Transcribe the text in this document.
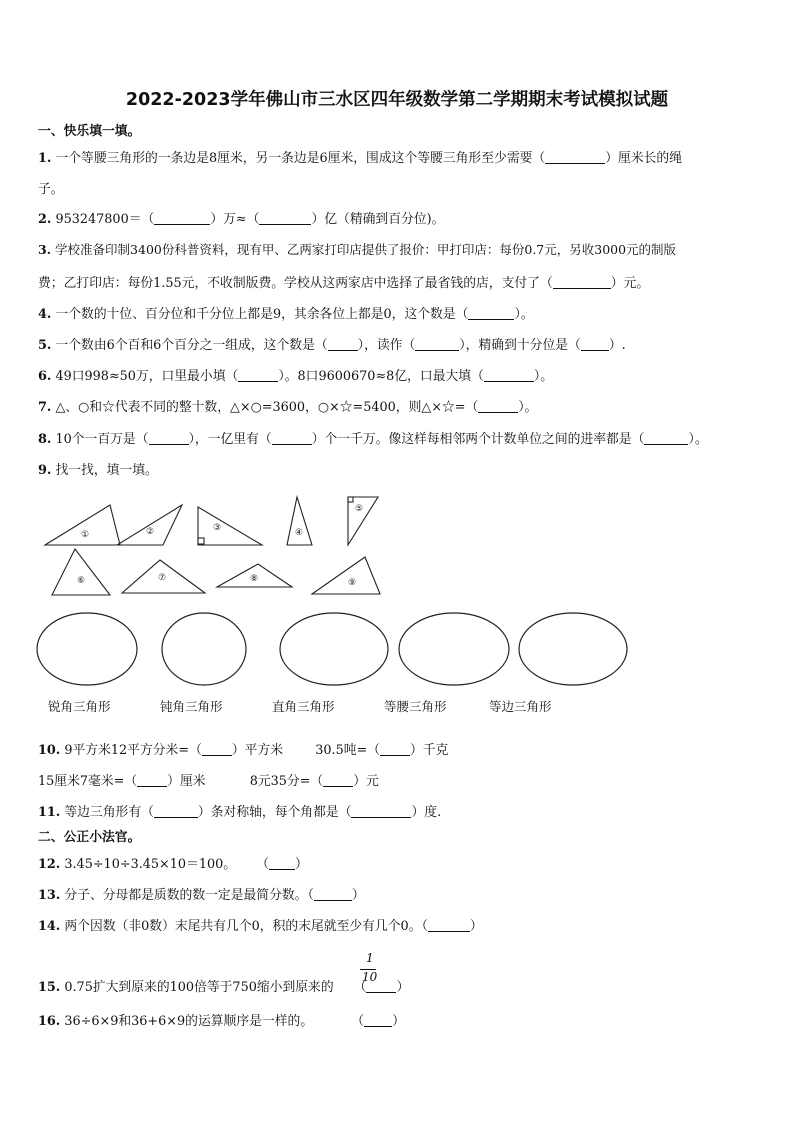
2022-2023学年佛山市三水区四年级数学第二学期期末考试模拟试题
一、快乐填一填。
1. 一个等腰三角形的一条边是8厘米，另一条边是6厘米，围成这个等腰三角形至少需要（	）厘米长的绳
子。
2. 953247800＝（	）万≈（	）亿（精确到百分位)。
3. 学校准备印制3400份科普资料，现有甲、乙两家打印店提供了报价：甲打印店：每份0.7元，另收3000元的制版
费；乙打印店：每份1.55元，不收制版费。学校从这两家店中选择了最省钱的店，支付了（	）元。
4. 一个数的十位、百分位和千分位上都是9，其余各位上都是0，这个数是（	）。
5. 一个数由6个百和6个百分之一组成，这个数是（ ），读作（	），精确到十分位是（ ）.
6. 49口998≈50万，口里最小填（	）。8口9600670≈8亿，口最大填（	）。
7. △、○和☆代表不同的整十数，△×○=3600，○×☆=5400，则△×☆=（	）。
8. 10个一百万是（	），一亿里有（	）个一千万。像这样每相邻两个计数单位之间的进率都是（	）。
9. 找一找，填一填。
①	②	③	④
⑤
⑥	⑦	⑧	⑨
锐角三角形	钝角三角形	直角三角形	等腰三角形	等边三角形
10. 9平方米12平方分米=（ ）平方米	30.5吨=（ ）千克
15厘米7毫米=（ ）厘米	8元35分=（ ）元
11. 等边三角形有（	）条对称轴，每个角都是（	）度.
二、公正小法官。
12. 3.45÷10÷3.45×10＝100。 （ ）
13. 分子、分母都是质数的数一定是最简分数。（	）
14. 两个因数（非0数）末尾共有几个0，积的末尾就至少有几个0。（	）
15. 0.75扩大到原来的100倍等于750缩小到原来的 （ ）
1
10
16. 36÷6×9和36+6×9的运算顺序是一样的。	（ ）
